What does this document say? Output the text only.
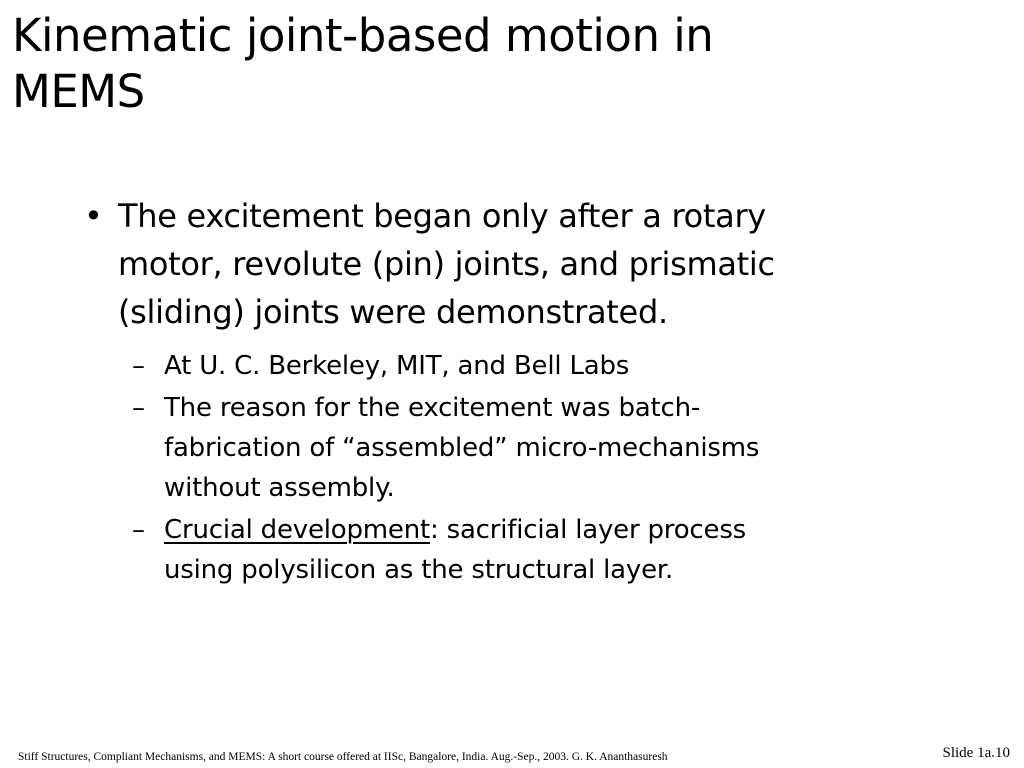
Kinematic joint-based motion in
MEMS
• The excitement began only after a rotary
motor, revolute (pin) joints, and prismatic
(sliding) joints were demonstrated.
– At U. C. Berkeley, MIT, and Bell Labs
– The reason for the excitement was batch-
fabrication of “assembled” micro-mechanisms
without assembly.
– Crucial development: sacrificial layer process
using polysilicon as the structural layer.
Stiff Structures, Compliant Mechanisms, and MEMS: A short course offered at IISc, Bangalore, India. Aug.-Sep., 2003. G. K. Ananthasuresh	Slide 1a.10
